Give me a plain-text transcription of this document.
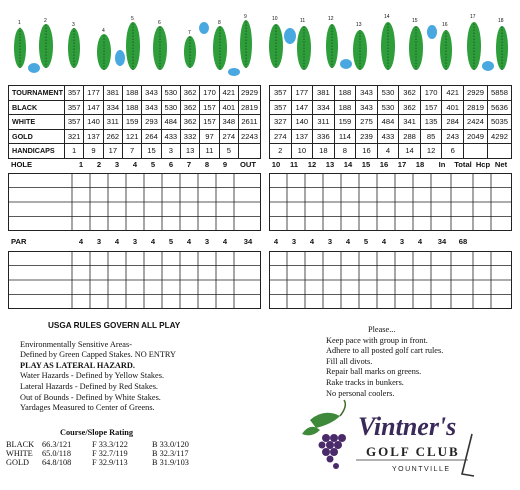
1	2
3
4
5
6
7
8
9	10	11	12
13
14
15
16
17
18
TOURNAMENT	357	177	381	188	343	530	362	170	421	2929
BLACK	357	147	334	188	343	530	362	157	401	2819
WHITE	357	140	311	159	293	484	362	157	348	2611
GOLD	321	137	262	121	264	433	332	97	274	2243
HANDICAPS	1	9	17	7	15	3	13	11	5	
357	177	381	188	343	530	362	170	421	2929	5858
357	147	334	188	343	530	362	157	401	2819	5636
327	140	311	159	275	484	341	135	284	2424	5035
274	137	336	114	239	433	288	85	243	2049	4292
2	10	18	8	16	4	14	12	6		
HOLE	1	2	3	4	5	6	7	8	9	OUT	10	11	12	13	14	15	16	17	18	In	Total Hcp Net
PAR	4	3	4	3	4	5	4	3	4	34	4	3	4	3	4	5	4	3	4	34	68
USGA RULES GOVERN ALL PLAY
Environmentally Sensitive Areas-
Defined by Green Capped Stakes. NO ENTRY
PLAY AS LATERAL HAZARD.
Water Hazards - Defined by Yellow Stakes.
Lateral Hazards - Defined by Red Stakes.
Out of Bounds - Defined by White Stakes.
Yardages Measured to Center of Greens.
Course/Slope Rating
BLACK 66.3/121 F 33.3/122	B 33.0/120
WHITE 65.0/118	F 32.7/119	B 32.3/117
GOLD 64.8/108 F 32.9/113	B 31.9/103
Please...
Keep pace with group in front.
Adhere to all posted golf cart rules.
Fill all divots.
Repair ball marks on greens.
Rake tracks in bunkers.
No personal coolers.
Vintner's
GOLF CLUB
YOUNTVILLE
